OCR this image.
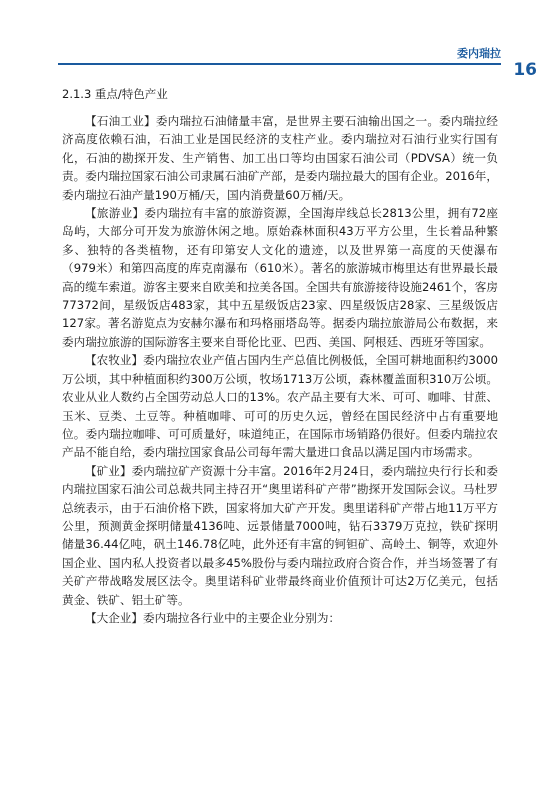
委内瑞拉
16
2.1.3 重点/特色产业

【石油工业】委内瑞拉石油储量丰富，是世界主要石油输出国之一。委内瑞拉经济高度依赖石油，石油工业是国民经济的支柱产业。委内瑞拉对石油行业实行国有化，石油的勘探开发、生产销售、加工出口等均由国家石油公司（PDVSA）统一负责。委内瑞拉国家石油公司隶属石油矿产部，是委内瑞拉最大的国有企业。2016年，委内瑞拉石油产量190万桶/天，国内消费量60万桶/天。

【旅游业】委内瑞拉有丰富的旅游资源，全国海岸线总长2813公里，拥有72座岛屿，大部分可开发为旅游休闲之地。原始森林面积43万平方公里，生长着品种繁多、独特的各类植物，还有印第安人文化的遗迹，以及世界第一高度的天使瀑布（979米）和第四高度的库克南瀑布（610米）。著名的旅游城市梅里达有世界最长最高的缆车索道。游客主要来自欧美和拉美各国。全国共有旅游接待设施2461个，客房77372间，星级饭店483家，其中五星级饭店23家、四星级饭店28家、三星级饭店127家。著名游览点为安赫尔瀑布和玛格丽塔岛等。据委内瑞拉旅游局公布数据，来委内瑞拉旅游的国际游客主要来自哥伦比亚、巴西、美国、阿根廷、西班牙等国家。

【农牧业】委内瑞拉农业产值占国内生产总值比例极低，全国可耕地面积约3000万公顷，其中种植面积约300万公顷，牧场1713万公顷，森林覆盖面积310万公顷。农业从业人数约占全国劳动总人口的13%。农产品主要有大米、可可、咖啡、甘蔗、玉米、豆类、土豆等。种植咖啡、可可的历史久远，曾经在国民经济中占有重要地位。委内瑞拉咖啡、可可质量好，味道纯正，在国际市场销路仍很好。但委内瑞拉农产品不能自给，委内瑞拉国家食品公司每年需大量进口食品以满足国内市场需求。

【矿业】委内瑞拉矿产资源十分丰富。2016年2月24日，委内瑞拉央行行长和委内瑞拉国家石油公司总裁共同主持召开“奥里诺科矿产带”勘探开发国际会议。马杜罗总统表示，由于石油价格下跌，国家将加大矿产开发。奥里诺科矿产带占地11万平方公里，预测黄金探明储量4136吨、远景储量7000吨，钻石3379万克拉，铁矿探明储量36.44亿吨，矾土146.78亿吨，此外还有丰富的钶钽矿、高岭土、铜等，欢迎外国企业、国内私人投资者以最多45%股份与委内瑞拉政府合资合作，并当场签署了有关矿产带战略发展区法令。奥里诺科矿业带最终商业价值预计可达2万亿美元，包括黄金、铁矿、铝土矿等。

【大企业】委内瑞拉各行业中的主要企业分别为：
